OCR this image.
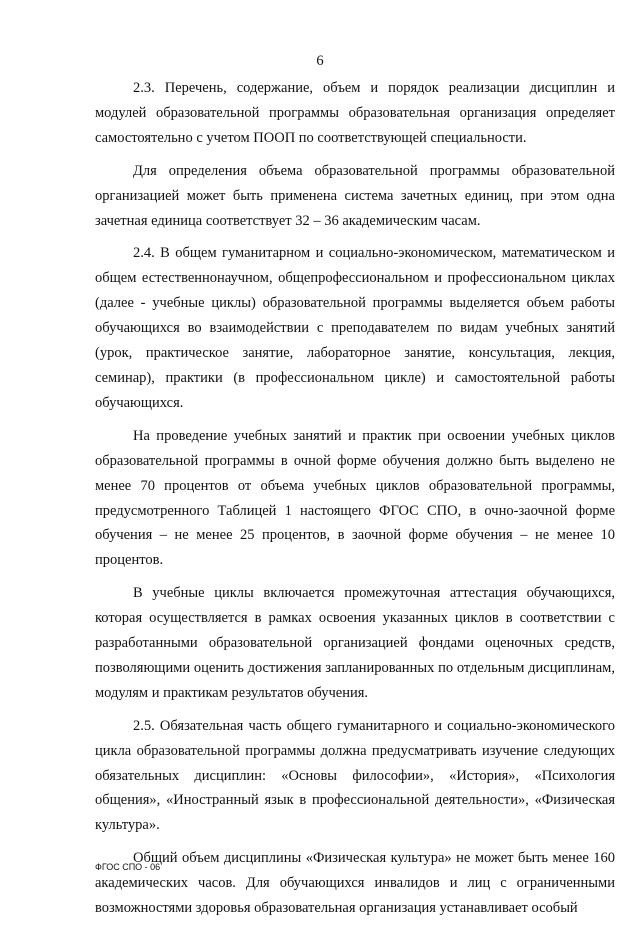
6

2.3. Перечень, содержание, объем и порядок реализации дисциплин и модулей образовательной программы образовательная организация определяет самостоятельно с учетом ПООП по соответствующей специальности.

Для определения объема образовательной программы образовательной организацией может быть применена система зачетных единиц, при этом одна зачетная единица соответствует 32 – 36 академическим часам.

2.4. В общем гуманитарном и социально-экономическом, математическом и общем естественнонаучном, общепрофессиональном и профессиональном циклах (далее - учебные циклы) образовательной программы выделяется объем работы обучающихся во взаимодействии с преподавателем по видам учебных занятий (урок, практическое занятие, лабораторное занятие, консультация, лекция, семинар), практики (в профессиональном цикле) и самостоятельной работы обучающихся.

На проведение учебных занятий и практик при освоении учебных циклов образовательной программы в очной форме обучения должно быть выделено не менее 70 процентов от объема учебных циклов образовательной программы, предусмотренного Таблицей 1 настоящего ФГОС СПО, в очно-заочной форме обучения – не менее 25 процентов, в заочной форме обучения – не менее 10 процентов.

В учебные циклы включается промежуточная аттестация обучающихся, которая осуществляется в рамках освоения указанных циклов в соответствии с разработанными образовательной организацией фондами оценочных средств, позволяющими оценить достижения запланированных по отдельным дисциплинам, модулям и практикам результатов обучения.

2.5. Обязательная часть общего гуманитарного и социально-экономического цикла образовательной программы должна предусматривать изучение следующих обязательных дисциплин: «Основы философии», «История», «Психология общения», «Иностранный язык в профессиональной деятельности», «Физическая культура».

Общий объем дисциплины «Физическая культура» не может быть менее 160 академических часов. Для обучающихся инвалидов и лиц с ограниченными возможностями здоровья образовательная организация устанавливает особый

ФГОС СПО - 06
